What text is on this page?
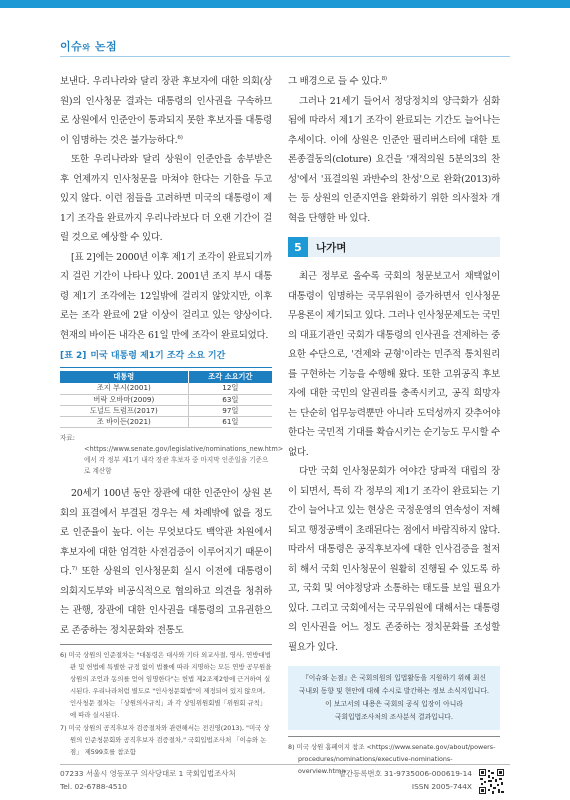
이슈와 논점

보낸다. 우리나라와 달리 장관 후보자에 대한 의회(상원)의 인사청문 결과는 대통령의 인사권을 구속하므로 상원에서 인준안이 통과되지 못한 후보자를 대통령이 임명하는 것은 불가능하다.$^{6)}$

또한 우리나라와 달리 상원이 인준안을 송부받은 후 언제까지 인사청문을 마쳐야 한다는 기한을 두고 있지 않다. 이런 점들을 고려하면 미국의 대통령이 제1기 조각을 완료까지 우리나라보다 더 오랜 기간이 걸릴 것으로 예상할 수 있다.

[표 2]에는 2000년 이후 제1기 조각이 완료되기까지 걸린 기간이 나타나 있다. 2001년 조지 부시 대통령 제1기 조각에는 12일밖에 걸리지 않았지만, 이후로는 조각 완료에 2달 이상이 걸리고 있는 양상이다. 현재의 바이든 내각은 61일 만에 조각이 완료되었다.

[표 2] 미국 대통령 제1기 조각 소요 기간
대통령	조각 소요기간
조지 부시(2001)	12일
버락 오바마(2009)	63일
도널드 트럼프(2017)	97일
조 바이든(2021)	61일

자료: <https://www.senate.gov/legislative/nominations_new.htm>에서 각 정부 제1기 내각 장관 후보자 중 마지막 인준일을 기준으로 계산함

20세기 100년 동안 장관에 대한 인준안이 상원 본회의 표결에서 부결된 경우는 세 차례밖에 없을 정도로 인준율이 높다. 이는 무엇보다도 백악관 차원에서 후보자에 대한 엄격한 사전검증이 이루어지기 때문이다.$^{7)}$ 또한 상원의 인사청문회 실시 이전에 대통령이 의회지도부와 비공식적으로 협의하고 의견을 청취하는 관행, 장관에 대한 인사권을 대통령의 고유권한으로 존중하는 정치문화와 전통도

그 배경으로 들 수 있다.$^{8)}$

그러나 21세기 들어서 정당정치의 양극화가 심화됨에 따라서 제1기 조각이 완료되는 기간도 늘어나는 추세이다. 이에 상원은 인준안 필리버스터에 대한 토론종결동의(cloture) 요건을 '재적의원 5분의3의 찬성'에서 '표결의원 과반수의 찬성'으로 완화(2013)하는 등 상원의 인준지연을 완화하기 위한 의사절차 개혁을 단행한 바 있다.

5	나가며

최근 정부로 올수록 국회의 청문보고서 채택없이 대통령이 임명하는 국무위원이 증가하면서 인사청문 무용론이 제기되고 있다. 그러나 인사청문제도는 국민의 대표기관인 국회가 대통령의 인사권을 견제하는 중요한 수단으로, '견제와 균형'이라는 민주적 통치원리를 구현하는 기능을 수행해 왔다. 또한 고위공직 후보자에 대한 국민의 알권리를 충족시키고, 공직 희망자는 단순히 업무능력뿐만 아니라 도덕성까지 갖추어야 한다는 국민적 기대를 확습시키는 순기능도 무시할 수 없다.

다만 국회 인사청문회가 여야간 당파적 대립의 장이 되면서, 특히 각 정부의 제1기 조각이 완료되는 기간이 늘어나고 있는 현상은 국정운영의 연속성이 저해되고 행정공백이 초래된다는 점에서 바람직하지 않다. 따라서 대통령은 공직후보자에 대한 인사검증을 철저히 해서 국회 인사청문이 원활히 진행될 수 있도록 하고, 국회 및 여야정당과 소통하는 태도를 보일 필요가 있다. 그리고 국회에서는 국무위원에 대해서는 대통령의 인사권을 어느 정도 존중하는 정치문화를 조성할 필요가 있다.

『이슈와 논점』은 국회의원의 입법활동을 지원하기 위해 최신
국내외 동향 및 현안에 대해 수시로 발간하는 정보 소식지입니다.
이 보고서의 내용은 국회의 공식 입장이 아니라
국회입법조사처의 조사분석 결과입니다.

6) 미국 상원의 인준절차는 "대통령은 대사와 기타 외교사절, 영사, 연방대법관 및 헌법에 특별한 규정 없이 법률에 따라 지명하는 모든 연방 공무원을 상원의 조언과 동의를 얻어 임명한다"는 헌법 제2조제2항에 근거하여 실시된다. 우리나라처럼 별도로 "인사청문회법"이 제정되어 있지 않으며, 인사청문 절차는 「상원의사규칙」과 각 상임위원회별「위원회 규칙」에 따라 실시된다.

7) 미국 상원의 공직후보자 검증절차와 관련해서는 전진영(2013), "미국 상원의 인준청문회와 공직후보자 검증절차," 국회입법조사처 「이슈와 논점」 제599호를 참조함

8) 미국 상원 홈페이지 참조 <https://www.senate.gov/about/powers-procedures/nominations/executive-nominations-overview.htm>

07233 서울시 영등포구 의사당대로 1 국회입법조사처
Tel. 02-6788-4510
발간등록번호 31-9735006-000619-14
ISSN 2005-744X
